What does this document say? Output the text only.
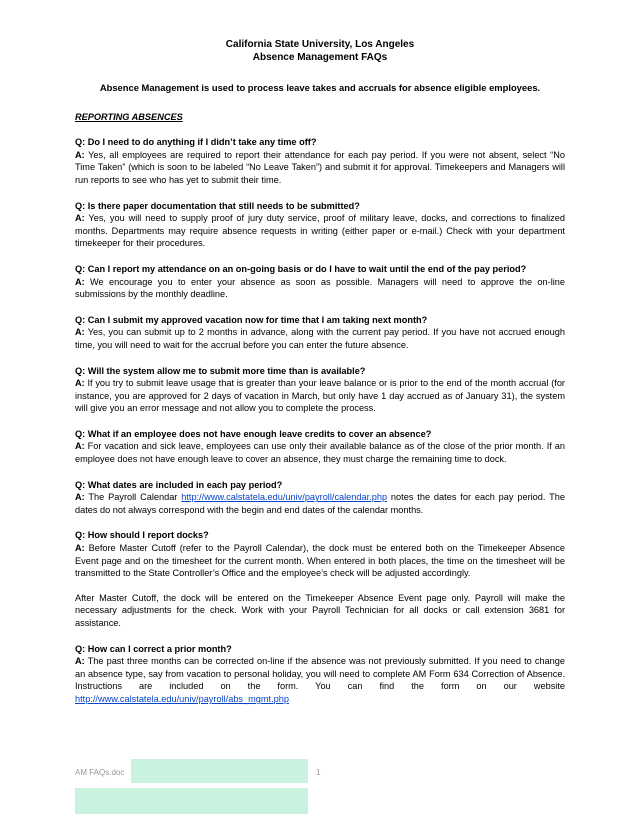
California State University, Los Angeles
Absence Management FAQs
Absence Management is used to process leave takes and accruals for absence eligible employees.
REPORTING ABSENCES
Q: Do I need to do anything if I didn’t take any time off?
A: Yes, all employees are required to report their attendance for each pay period. If you were not absent, select “No Time Taken” (which is soon to be labeled “No Leave Taken”) and submit it for approval. Timekeepers and Managers will run reports to see who has yet to submit their time.
Q: Is there paper documentation that still needs to be submitted?
A: Yes, you will need to supply proof of jury duty service, proof of military leave, docks, and corrections to finalized months. Departments may require absence requests in writing (either paper or e-mail.) Check with your department timekeeper for their procedures.
Q: Can I report my attendance on an on-going basis or do I have to wait until the end of the pay period?
A: We encourage you to enter your absence as soon as possible. Managers will need to approve the on-line submissions by the monthly deadline.
Q: Can I submit my approved vacation now for time that I am taking next month?
A: Yes, you can submit up to 2 months in advance, along with the current pay period. If you have not accrued enough time, you will need to wait for the accrual before you can enter the future absence.
Q: Will the system allow me to submit more time than is available?
A: If you try to submit leave usage that is greater than your leave balance or is prior to the end of the month accrual (for instance, you are approved for 2 days of vacation in March, but only have 1 day accrued as of January 31), the system will give you an error message and not allow you to complete the process.
Q: What if an employee does not have enough leave credits to cover an absence?
A: For vacation and sick leave, employees can use only their available balance as of the close of the prior month. If an employee does not have enough leave to cover an absence, they must charge the remaining time to dock.
Q: What dates are included in each pay period?
A: The Payroll Calendar http://www.calstatela.edu/univ/payroll/calendar.php notes the dates for each pay period. The dates do not always correspond with the begin and end dates of the calendar months.
Q: How should I report docks?
A: Before Master Cutoff (refer to the Payroll Calendar), the dock must be entered both on the Timekeeper Absence Event page and on the timesheet for the current month. When entered in both places, the time on the timesheet will be transmitted to the State Controller’s Office and the employee’s check will be adjusted accordingly.
After Master Cutoff, the dock will be entered on the Timekeeper Absence Event page only. Payroll will make the necessary adjustments for the check. Work with your Payroll Technician for all docks or call extension 3681 for assistance.
Q: How can I correct a prior month?
A: The past three months can be corrected on-line if the absence was not previously submitted. If you need to change an absence type, say from vacation to personal holiday, you will need to complete AM Form 634 Correction of Absence. Instructions are included on the form. You can find the form on our website http://www.calstatela.edu/univ/payroll/abs_mgmt.php
AM FAQs.doc	1
